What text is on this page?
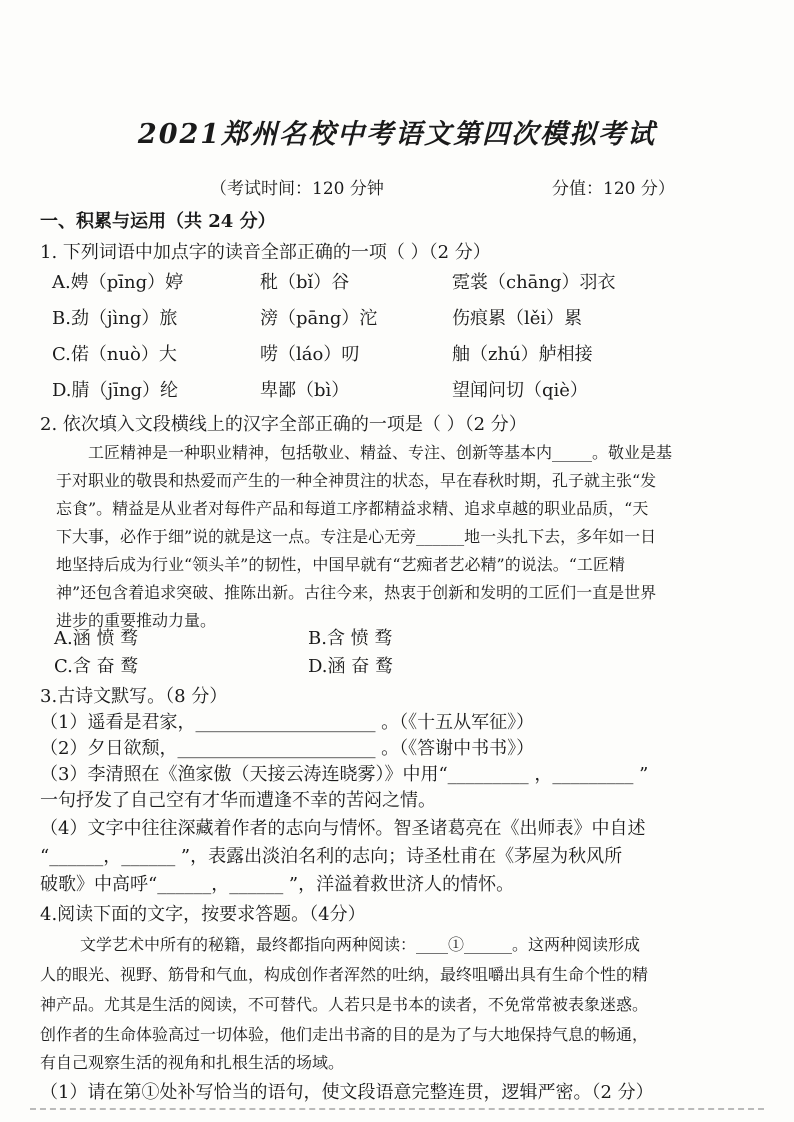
2021郑州名校中考语文第四次模拟考试
（考试时间：120 分钟	分值：120 分）
一、积累与运用（共 24 分）
1. 下列词语中加点字的读音全部正确的一项（ ）（2 分）
A.娉（pīng）婷	秕（bǐ）谷	霓裳（chāng）羽衣
B.劲（jìng）旅	滂（pāng）沱	伤痕累（lěi）累
C.偌（nuò）大	唠（láo）叨	舳（zhú）舻相接
D.腈（jīng）纶	卑鄙（bì）	望闻问切（qiè）
2. 依次填入文段横线上的汉字全部正确的一项是（ ）（2 分）
工匠精神是一种职业精神，包括敬业、精益、专注、创新等基本内_____。敬业是基
于对职业的敬畏和热爱而产生的一种全神贯注的状态，早在春秋时期，孔子就主张“发
忘食”。精益是从业者对每件产品和每道工序都精益求精、追求卓越的职业品质，“天
下大事，必作于细”说的就是这一点。专注是心无旁______地一头扎下去，多年如一日
地坚持后成为行业“领头羊”的韧性，中国早就有“艺痴者艺必精”的说法。“工匠精
神”还包含着追求突破、推陈出新。古往今来，热衷于创新和发明的工匠们一直是世界
进步的重要推动力量。
A.涵 愤 骛	B.含 愤 骛
C.含 奋 鹜	D.涵 奋 鹜
3.古诗文默写。（8 分）
（1）遥看是君家，____________________ 。（《十五从军征》）
（2）夕日欲颓，______________________ 。（《答谢中书书》）
（3）李清照在《渔家傲（天接云涛连晓雾）》中用“_________ ，_________ ”
一句抒发了自己空有才华而遭逢不幸的苦闷之情。
（4）文字中往往深藏着作者的志向与情怀。智圣诸葛亮在《出师表》中自述
“______，______ ”，表露出淡泊名利的志向；诗圣杜甫在《茅屋为秋风所
破歌》中高呼“______，______ ”，洋溢着救世济人的情怀。
4.阅读下面的文字，按要求答题。（4分）
文学艺术中所有的秘籍，最终都指向两种阅读：____①______。这两种阅读形成
人的眼光、视野、筋骨和气血，构成创作者浑然的吐纳，最终咀嚼出具有生命个性的精
神产品。尤其是生活的阅读，不可替代。人若只是书本的读者，不免常常被表象迷惑。
创作者的生命体验高过一切体验，他们走出书斋的目的是为了与大地保持气息的畅通，
有自己观察生活的视角和扎根生活的场域。
（1）请在第①处补写恰当的语句，使文段语意完整连贯，逻辑严密。（2 分）
